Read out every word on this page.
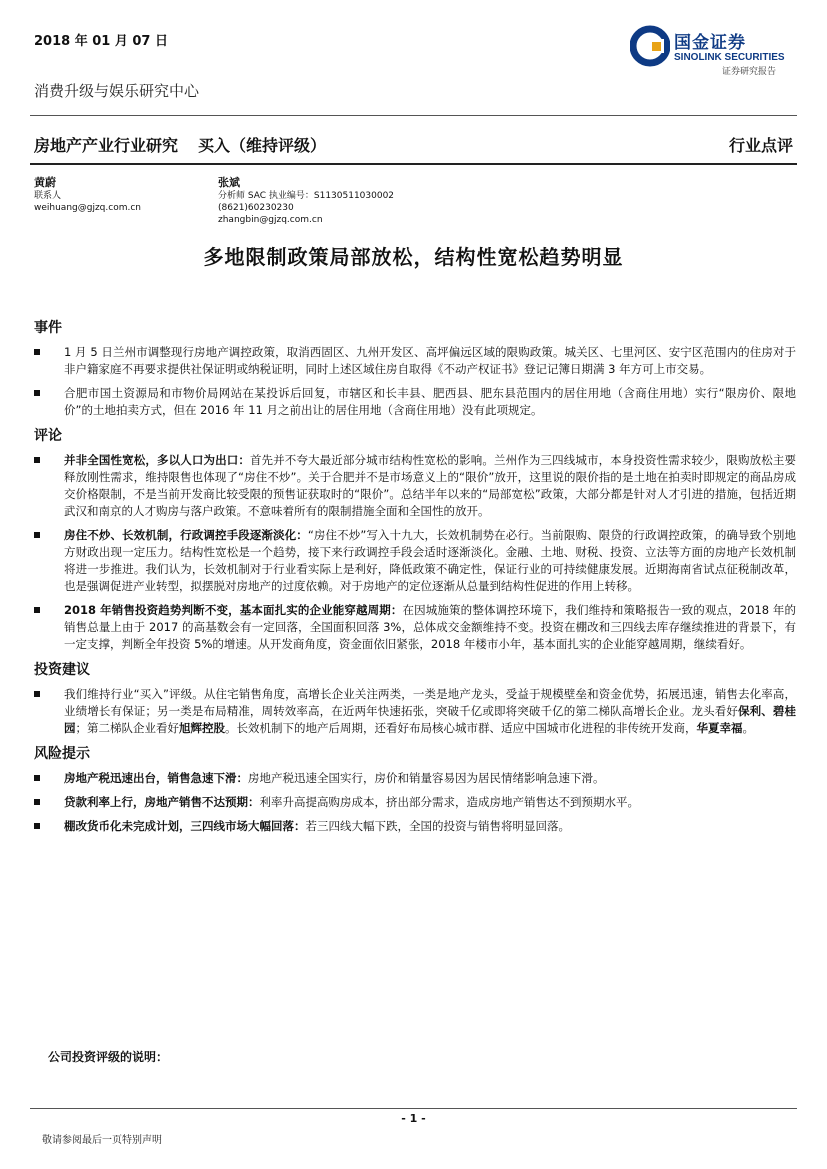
2018 年 01 月 07 日
消费升级与娱乐研究中心
国金证券
SINOLINK SECURITIES
证券研究报告
房地产产业行业研究 买入（维持评级）	行业点评
黄蔚
联系人
weihuang@gjzq.com.cn
张斌
分析师 SAC 执业编号：S1130511030002
(8621)60230230
zhangbin@gjzq.com.cn
多地限制政策局部放松，结构性宽松趋势明显
事件
1 月 5 日兰州市调整现行房地产调控政策，取消西固区、九州开发区、高坪偏远区域的限购政策。城关区、七里河区、安宁区范围内的住房对于非户籍家庭不再要求提供社保证明或纳税证明，同时上述区域住房自取得《不动产权证书》登记记簿日期满 3 年方可上市交易。
合肥市国土资源局和市物价局网站在某投诉后回复，市辖区和长丰县、肥西县、肥东县范围内的居住用地（含商住用地）实行“限房价、限地价”的土地拍卖方式，但在 2016 年 11 月之前出让的居住用地（含商住用地）没有此项规定。
评论
并非全国性宽松，多以人口为出口：首先并不夸大最近部分城市结构性宽松的影响。兰州作为三四线城市，本身投资性需求较少，限购放松主要释放刚性需求，维持限售也体现了“房住不炒”。关于合肥并不是市场意义上的“限价”放开，这里说的限价指的是土地在拍卖时即规定的商品房成交价格限制，不是当前开发商比较受限的预售证获取时的“限价”。总结半年以来的“局部宽松”政策，大部分都是针对人才引进的措施，包括近期武汉和南京的人才购房与落户政策。不意味着所有的限制措施全面和全国性的放开。
房住不炒、长效机制，行政调控手段逐渐淡化：“房住不炒”写入十九大，长效机制势在必行。当前限购、限贷的行政调控政策，的确导致个别地方财政出现一定压力。结构性宽松是一个趋势，接下来行政调控手段会适时逐渐淡化。金融、土地、财税、投资、立法等方面的房地产长效机制将进一步推进。我们认为，长效机制对于行业看实际上是利好，降低政策不确定性，保证行业的可持续健康发展。近期海南省试点征税制改革，也是强调促进产业转型，拟摆脱对房地产的过度依赖。对于房地产的定位逐渐从总量到结构性促进的作用上转移。
2018 年销售投资趋势判断不变，基本面扎实的企业能穿越周期：在因城施策的整体调控环境下，我们维持和策略报告一致的观点，2018 年的销售总量上由于 2017 的高基数会有一定回落，全国面积回落 3%，总体成交金额维持不变。投资在棚改和三四线去库存继续推进的背景下，有一定支撑，判断全年投资 5%的增速。从开发商角度，资金面依旧紧张，2018 年楼市小年，基本面扎实的企业能穿越周期，继续看好。
投资建议
我们维持行业“买入”评级。从住宅销售角度，高增长企业关注两类，一类是地产龙头，受益于规模壁垒和资金优势，拓展迅速，销售去化率高，业绩增长有保证；另一类是布局精准，周转效率高，在近两年快速拓张，突破千亿或即将突破千亿的第二梯队高增长企业。龙头看好保利、碧桂园；第二梯队企业看好旭辉控股。长效机制下的地产后周期，还看好布局核心城市群、适应中国城市化进程的非传统开发商，华夏幸福。
风险提示
房地产税迅速出台，销售急速下滑：房地产税迅速全国实行，房价和销量容易因为居民情绪影响急速下滑。
贷款利率上行，房地产销售不达预期：利率升高提高购房成本，挤出部分需求，造成房地产销售达不到预期水平。
棚改货币化未完成计划，三四线市场大幅回落：若三四线大幅下跌，全国的投资与销售将明显回落。
公司投资评级的说明：
- 1 -
敬请参阅最后一页特别声明
